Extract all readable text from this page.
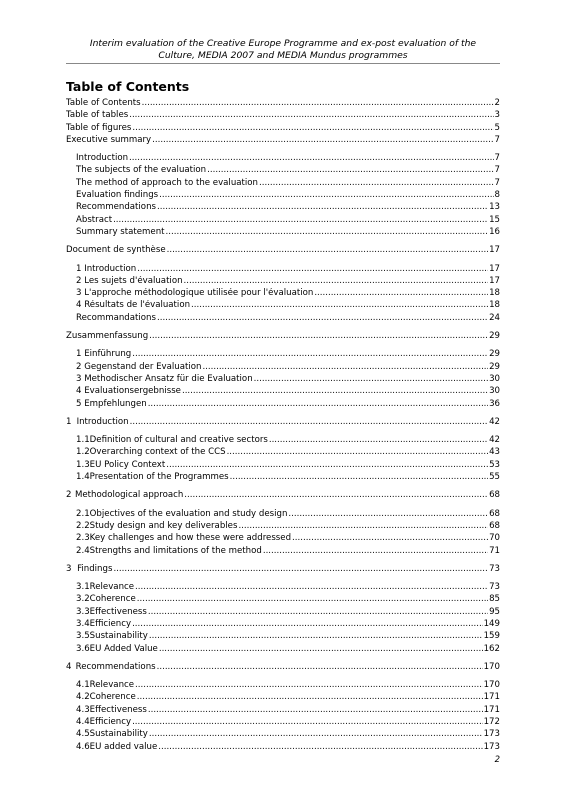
Interim evaluation of the Creative Europe Programme and ex-post evaluation of the
Culture, MEDIA 2007 and MEDIA Mundus programmes
Table of Contents
Table of Contents .....	2
Table of tables .....	3
Table of figures .....	5
Executive summary .....	7
Introduction .....	7
The subjects of the evaluation .....	7
The method of approach to the evaluation .....	7
Evaluation findings .....	8
Recommendations .....	13
Abstract .....	15
Summary statement .....	16
Document de synthèse .....	17
1 Introduction .....	17
2 Les sujets d'évaluation .....	17
3 L'approche méthodologique utilisée pour l'évaluation .....	18
4 Résultats de l'évaluation .....	18
Recommandations .....	24
Zusammenfassung .....	29
1 Einführung .....	29
2 Gegenstand der Evaluation .....	29
3 Methodischer Ansatz für die Evaluation .....	30
4 Evaluationsergebnisse .....	30
5 Empfehlungen .....	36
1 Introduction .....	42
1.1 Definition of cultural and creative sectors .....	42
1.2 Overarching context of the CCS .....	43
1.3 EU Policy Context .....	53
1.4 Presentation of the Programmes .....	55
2 Methodological approach .....	68
2.1 Objectives of the evaluation and study design .....	68
2.2 Study design and key deliverables .....	68
2.3 Key challenges and how these were addressed .....	70
2.4 Strengths and limitations of the method .....	71
3 Findings .....	73
3.1 Relevance .....	73
3.2 Coherence .....	85
3.3 Effectiveness .....	95
3.4 Efficiency .....	149
3.5 Sustainability .....	159
3.6 EU Added Value .....	162
4 Recommendations .....	170
4.1 Relevance .....	170
4.2 Coherence .....	171
4.3 Effectiveness .....	171
4.4 Efficiency .....	172
4.5 Sustainability .....	173
4.6 EU added value .....	173
2
